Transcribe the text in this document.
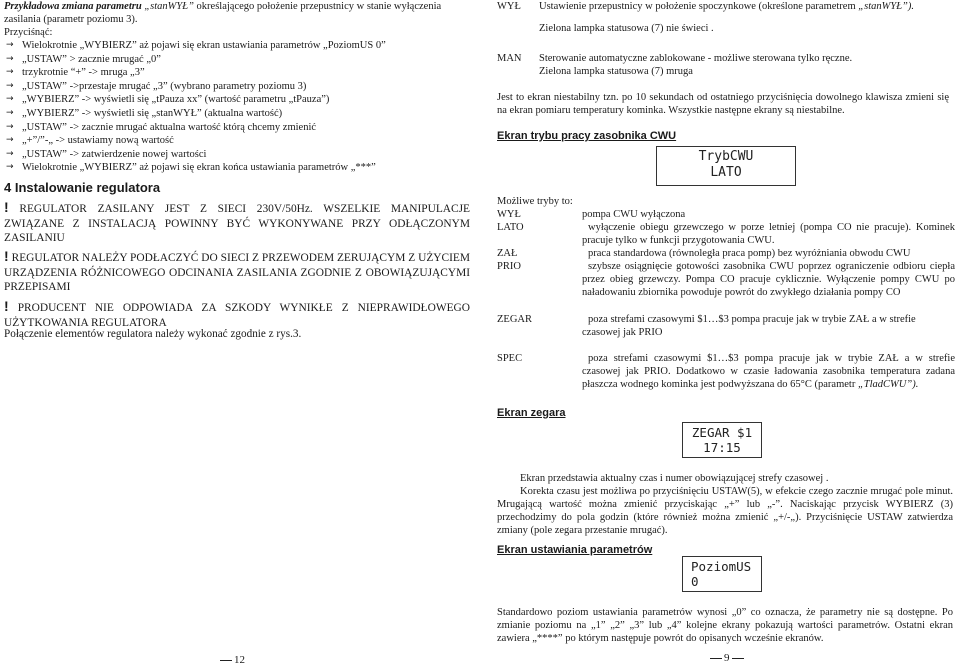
Przykładowa zmiana parametru „stanWYŁ” określającego położenie przepustnicy w stanie wyłączenia
zasilania (parametr poziomu 3).
Przyciśnąć:

→ Wielokrotnie „WYBIERZ” aż pojawi się ekran ustawiania parametrów „PoziomUS 0”
→ „USTAW” > zacznie mrugać „0”
→ trzykrotnie “+” -> mruga „3”
→ „USTAW” ->przestaje mrugać „3” (wybrano parametry poziomu 3)
→ „WYBIERZ” -> wyświetli się „tPauza xx” (wartość parametru „tPauza”)
→ „WYBIERZ” -> wyświetli się „stanWYŁ” (aktualna wartość)
→ „USTAW” -> zacznie mrugać aktualna wartość którą chcemy zmienić
→ „+”/”-„ -> ustawiamy nową wartość
→ „USTAW” -> zatwierdzenie nowej wartości
→ Wielokrotnie „WYBIERZ” aż pojawi się ekran końca ustawiania parametrów „***”

4 Instalowanie regulatora

! REGULATOR ZASILANY JEST Z SIECI 230V/50Hz. WSZELKIE MANIPULACJE ZWIĄZANE Z INSTALACJĄ POWINNY BYĆ WYKONYWANE PRZY ODŁĄCZONYM ZASILANIU

! REGULATOR NALEŻY PODŁACZYĆ DO SIECI Z PRZEWODEM ZERUJĄCYM Z UŻYCIEM URZĄDZENIA RÓŻNICOWEGO ODCINANIA ZASILANIA ZGODNIE Z OBOWIĄZUJĄCYMI PRZEPISAMI

! PRODUCENT NIE ODPOWIADA ZA SZKODY WYNIKŁE Z NIEPRAWIDŁOWEGO UŻYTKOWANIA REGULATORA

Połączenie elementów regulatora należy wykonać zgodnie z rys.3.

12
WYŁ Ustawienie przepustnicy w położenie spoczynkowe (określone parametrem „stanWYŁ”).
Zielona lampka statusowa (7) nie świeci .
MAN Sterowanie automatyczne zablokowane - możliwe sterowana tylko ręczne.
Zielona lampka statusowa (7) mruga
Jest to ekran niestabilny tzn. po 10 sekundach od ostatniego przyciśnięcia dowolnego klawisza zmieni się na ekran pomiaru temperatury kominka. Wszystkie następne ekrany są niestabilne.
Ekran trybu pracy zasobnika CWU
TrybCWU
LATO
Możliwe tryby to:
WYŁ	pompa CWU wyłączona
LATO	wyłączenie obiegu grzewczego w porze letniej (pompa CO nie pracuje). Kominek pracuje tylko w funkcji przygotowania CWU.
ZAŁ	praca standardowa (równoległa praca pomp) bez wyróżniania obwodu CWU
PRIO	szybsze osiągnięcie gotowości zasobnika CWU poprzez ograniczenie odbioru ciepła przez obieg grzewczy. Pompa CO pracuje cyklicznie. Wyłączenie pompy CWU po naładowaniu zbiornika powoduje powrót do zwykłego działania pompy CO
ZEGAR	poza strefami czasowymi $1…$3 pompa pracuje jak w trybie ZAŁ a w strefie czasowej jak PRIO
SPEC	poza strefami czasowymi $1…$3 pompa pracuje jak w trybie ZAŁ a w strefie czasowej jak PRIO. Dodatkowo w czasie ładowania zasobnika temperatura zadana płaszcza wodnego kominka jest podwyższana do 65°C (parametr „TladCWU”).
Ekran zegara
ZEGAR $1
17:15
Ekran przedstawia aktualny czas i numer obowiązującej strefy czasowej .
Korekta czasu jest możliwa po przyciśnięciu USTAW(5), w efekcie czego zacznie mrugać pole minut. Mrugającą wartość można zmienić przyciskając „+” lub „-”. Naciskając przycisk WYBIERZ (3) przechodzimy do pola godzin (które również można zmienić „+/-„). Przyciśnięcie USTAW zatwierdza zmiany (pole zegara przestanie mrugać).
Ekran ustawiania parametrów
PoziomUS
0
Standardowo poziom ustawiania parametrów wynosi „0” co oznacza, że parametry nie są dostępne. Po zmianie poziomu na „1” „2” „3” lub „4” kolejne ekrany pokazują wartości parametrów. Ostatni ekran zawiera „****” po którym następuje powrót do opisanych wcześnie ekranów.
9
